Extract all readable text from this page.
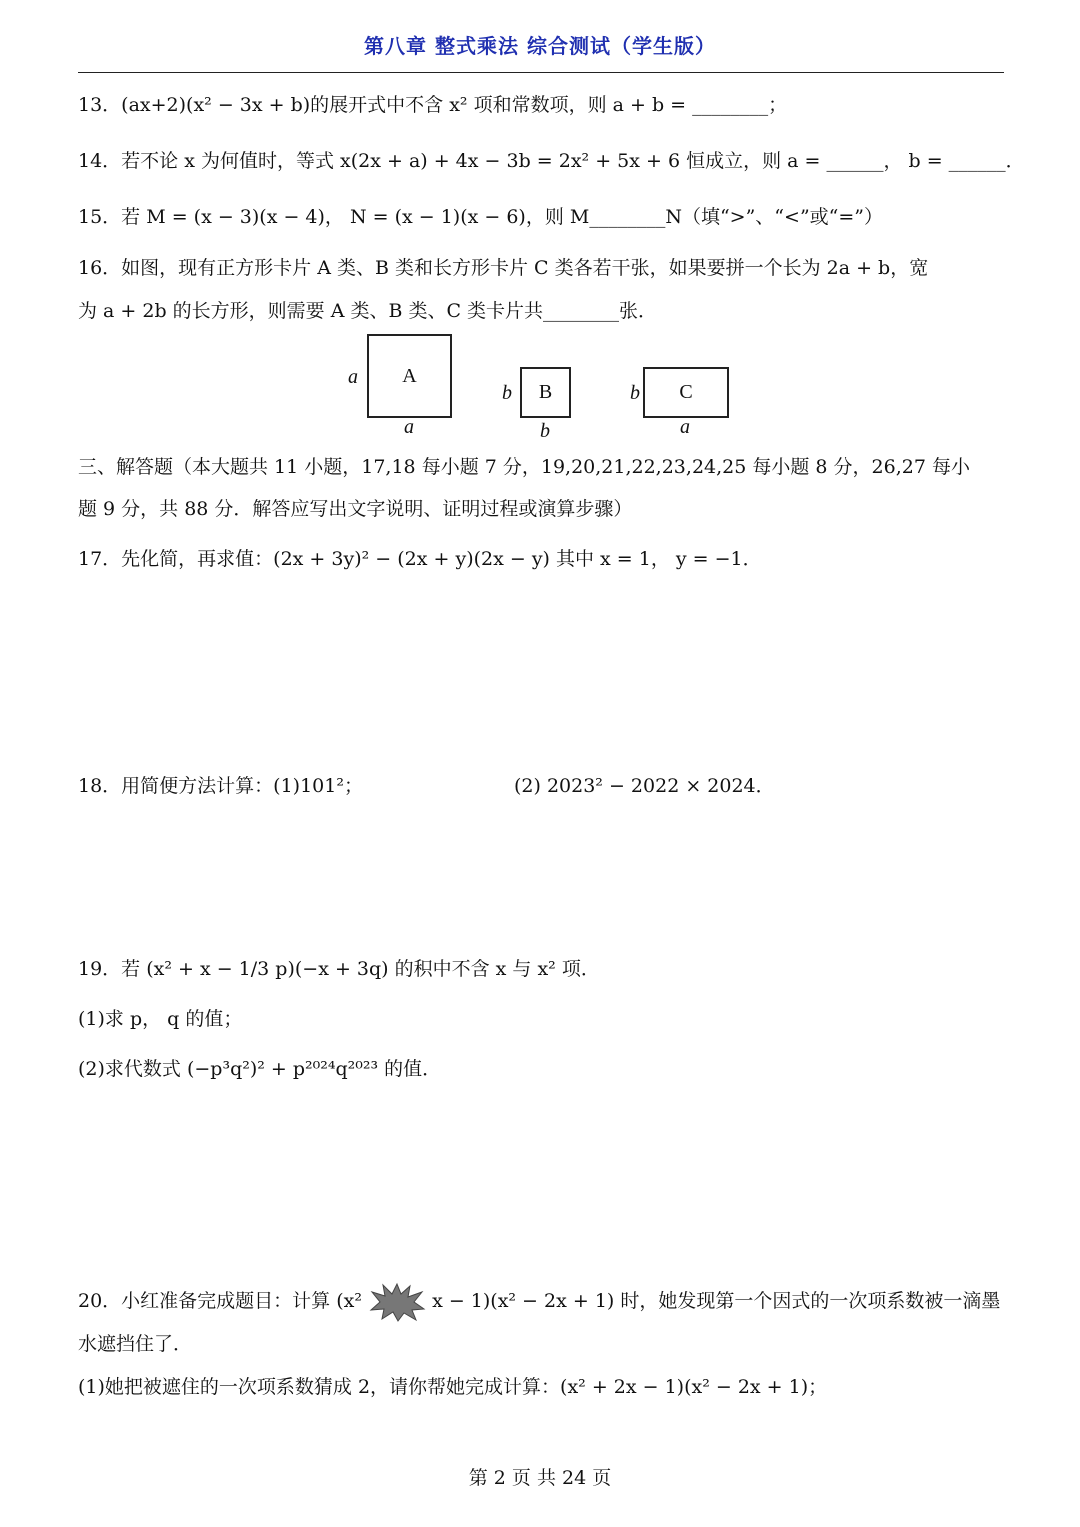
第八章 整式乘法 综合测试（学生版）
13．(ax+2)(x² − 3x + b)的展开式中不含 x² 项和常数项，则 a + b = ________；
14．若不论 x 为何值时，等式 x(2x + a) + 4x − 3b = 2x² + 5x + 6 恒成立，则 a = ______， b = ______．
15．若 M = (x − 3)(x − 4)， N = (x − 1)(x − 6)，则 M________N（填“>”、“<”或“=”）
16．如图，现有正方形卡片 A 类、B 类和长方形卡片 C 类各若干张，如果要拼一个长为 2a + b，宽
为 a + 2b 的长方形，则需要 A 类、B 类、C 类卡片共________张．
A
a
a
B
b
b
C
b
a
三、解答题（本大题共 11 小题，17,18 每小题 7 分，19,20,21,22,23,24,25 每小题 8 分，26,27 每小
题 9 分，共 88 分．解答应写出文字说明、证明过程或演算步骤）
17．先化简，再求值：(2x + 3y)² − (2x + y)(2x − y) 其中 x = 1， y = −1．
18．用简便方法计算：(1)101²；	(2) 2023² − 2022 × 2024．
19．若 (x² + x − 1/3 p)(−x + 3q) 的积中不含 x 与 x² 项．
(1)求 p， q 的值；
(2)求代数式 (−p³q²)² + p²⁰²⁴q²⁰²³ 的值．
20．小红准备完成题目：计算 (x²	x − 1)(x² − 2x + 1) 时，她发现第一个因式的一次项系数被一滴墨
水遮挡住了．
(1)她把被遮住的一次项系数猜成 2，请你帮她完成计算：(x² + 2x − 1)(x² − 2x + 1)；
第 2 页 共 24 页
